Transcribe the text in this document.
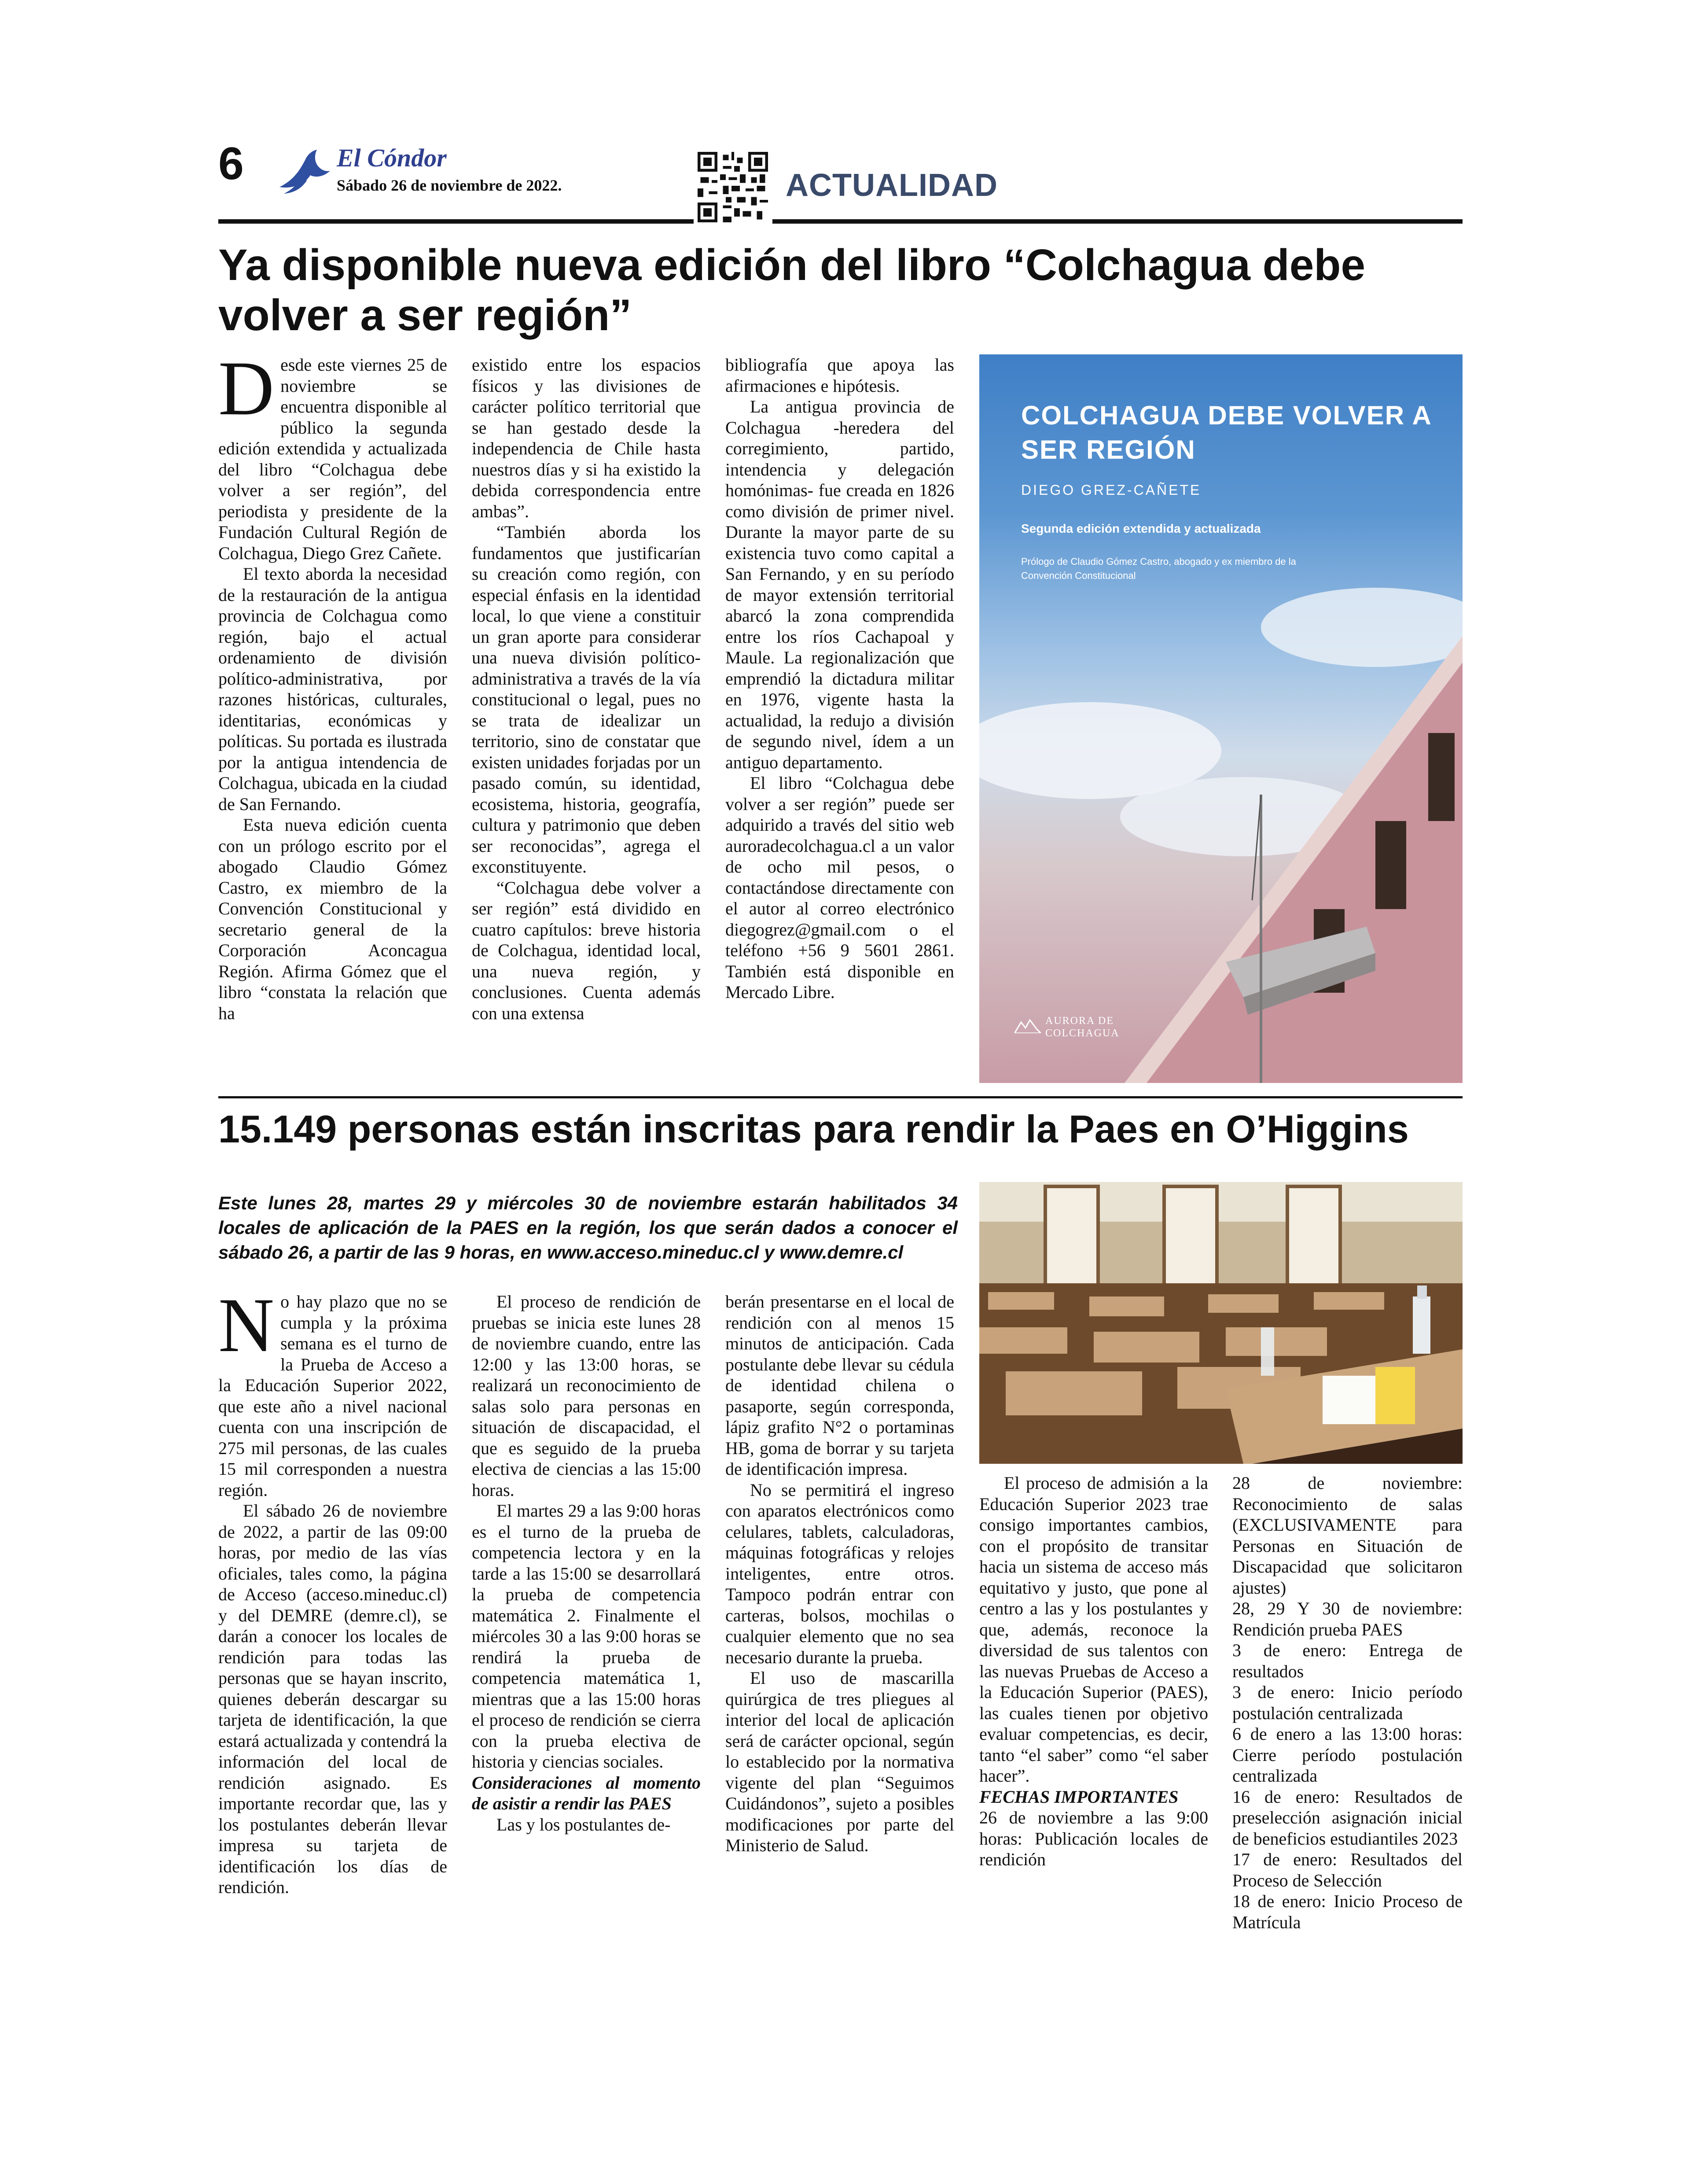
6	El Cóndor
Sábado 26 de noviembre de 2022.	ACTUALIDAD
Ya disponible nueva edición del libro “Colchagua debe volver a ser región”

Desde este viernes 25 de noviembre se encuentra disponible al público la segunda edición extendida y actualizada del libro “Colchagua debe volver a ser región”, del periodista y presidente de la Fundación Cultural Región de Colchagua, Diego Grez Cañete.

El texto aborda la necesidad de la restauración de la antigua provincia de Colchagua como región, bajo el actual ordenamiento de división político-administrativa, por razones históricas, culturales, identitarias, económicas y políticas. Su portada es ilustrada por la antigua intendencia de Colchagua, ubicada en la ciudad de San Fernando.

Esta nueva edición cuenta con un prólogo escrito por el abogado Claudio Gómez Castro, ex miembro de la Convención Constitucional y secretario general de la Corporación Aconcagua Región. Afirma Gómez que el libro “constata la relación que ha

existido entre los espacios físicos y las divisiones de carácter político territorial que se han gestado desde la independencia de Chile hasta nuestros días y si ha existido la debida correspondencia entre ambas”.

“También aborda los fundamentos que justificarían su creación como región, con especial énfasis en la identidad local, lo que viene a constituir un gran aporte para considerar una nueva división político-administrativa a través de la vía constitucional o legal, pues no se trata de idealizar un territorio, sino de constatar que existen unidades forjadas por un pasado común, su identidad, ecosistema, historia, geografía, cultura y patrimonio que deben ser reconocidas”, agrega el exconstituyente.

“Colchagua debe volver a ser región” está dividido en cuatro capítulos: breve historia de Colchagua, identidad local, una nueva región, y conclusiones. Cuenta además con una extensa

bibliografía que apoya las afirmaciones e hipótesis.

La antigua provincia de Colchagua -heredera del corregimiento, partido, intendencia y delegación homónimas- fue creada en 1826 como división de primer nivel. Durante la mayor parte de su existencia tuvo como capital a San Fernando, y en su período de mayor extensión territorial abarcó la zona comprendida entre los ríos Cachapoal y Maule. La regionalización que emprendió la dictadura militar en 1976, vigente hasta la actualidad, la redujo a división de segundo nivel, ídem a un antiguo departamento.

El libro “Colchagua debe volver a ser región” puede ser adquirido a través del sitio web auroradecolchagua.cl a un valor de ocho mil pesos, o contactándose directamente con el autor al correo electrónico diegogrez@gmail.com o el teléfono +56 9 5601 2861. También está disponible en Mercado Libre.

COLCHAGUA DEBE VOLVER A SER REGIÓN
DIEGO GREZ-CAÑETE
Segunda edición extendida y actualizada
Prólogo de Claudio Gómez Castro, abogado y ex miembro de la Convención Constitucional
AURORA DE COLCHAGUA
15.149 personas están inscritas para rendir la Paes en O’Higgins
Este lunes 28, martes 29 y miércoles 30 de noviembre estarán habilitados 34 locales de aplicación de la PAES en la región, los que serán dados a conocer el sábado 26, a partir de las 9 horas, en www.acceso.mineduc.cl y www.demre.cl

No hay plazo que no se cumpla y la próxima semana es el turno de la Prueba de Acceso a la Educación Superior 2022, que este año a nivel nacional cuenta con una inscripción de 275 mil personas, de las cuales 15 mil corresponden a nuestra región.

El sábado 26 de noviembre de 2022, a partir de las 09:00 horas, por medio de las vías oficiales, tales como, la página de Acceso (acceso.mineduc.cl) y del DEMRE (demre.cl), se darán a conocer los locales de rendición para todas las personas que se hayan inscrito, quienes deberán descargar su tarjeta de identificación, la que estará actualizada y contendrá la información del local de rendición asignado. Es importante recordar que, las y los postulantes deberán llevar impresa su tarjeta de identificación los días de rendición.

El proceso de rendición de pruebas se inicia este lunes 28 de noviembre cuando, entre las 12:00 y las 13:00 horas, se realizará un reconocimiento de salas solo para personas en situación de discapacidad, el que es seguido de la prueba electiva de ciencias a las 15:00 horas.

El martes 29 a las 9:00 horas es el turno de la prueba de competencia lectora y en la tarde a las 15:00 se desarrollará la prueba de competencia matemática 2. Finalmente el miércoles 30 a las 9:00 horas se rendirá la prueba de competencia matemática 1, mientras que a las 15:00 horas el proceso de rendición se cierra con la prueba electiva de historia y ciencias sociales.

Consideraciones al momento de asistir a rendir las PAES

Las y los postulantes de-

berán presentarse en el local de rendición con al menos 15 minutos de anticipación. Cada postulante debe llevar su cédula de identidad chilena o pasaporte, según corresponda, lápiz grafito N°2 o portaminas HB, goma de borrar y su tarjeta de identificación impresa.

No se permitirá el ingreso con aparatos electrónicos como celulares, tablets, calculadoras, máquinas fotográficas y relojes inteligentes, entre otros. Tampoco podrán entrar con carteras, bolsos, mochilas o cualquier elemento que no sea necesario durante la prueba.

El uso de mascarilla quirúrgica de tres pliegues al interior del local de aplicación será de carácter opcional, según lo establecido por la normativa vigente del plan “Seguimos Cuidándonos”, sujeto a posibles modificaciones por parte del Ministerio de Salud.

El proceso de admisión a la Educación Superior 2023 trae consigo importantes cambios, con el propósito de transitar hacia un sistema de acceso más equitativo y justo, que pone al centro a las y los postulantes y que, además, reconoce la diversidad de sus talentos con las nuevas Pruebas de Acceso a la Educación Superior (PAES), las cuales tienen por objetivo evaluar competencias, es decir, tanto “el saber” como “el saber hacer”.

FECHAS IMPORTANTES

26 de noviembre a las 9:00 horas: Publicación locales de rendición

28 de noviembre: Reconocimiento de salas (EXCLUSIVAMENTE para Personas en Situación de Discapacidad que solicitaron ajustes)

28, 29 Y 30 de noviembre: Rendición prueba PAES

3 de enero: Entrega de resultados

3 de enero: Inicio período postulación centralizada

6 de enero a las 13:00 horas: Cierre período postulación centralizada

16 de enero: Resultados de preselección asignación inicial de beneficios estudiantiles 2023

17 de enero: Resultados del Proceso de Selección

18 de enero: Inicio Proceso de Matrícula
